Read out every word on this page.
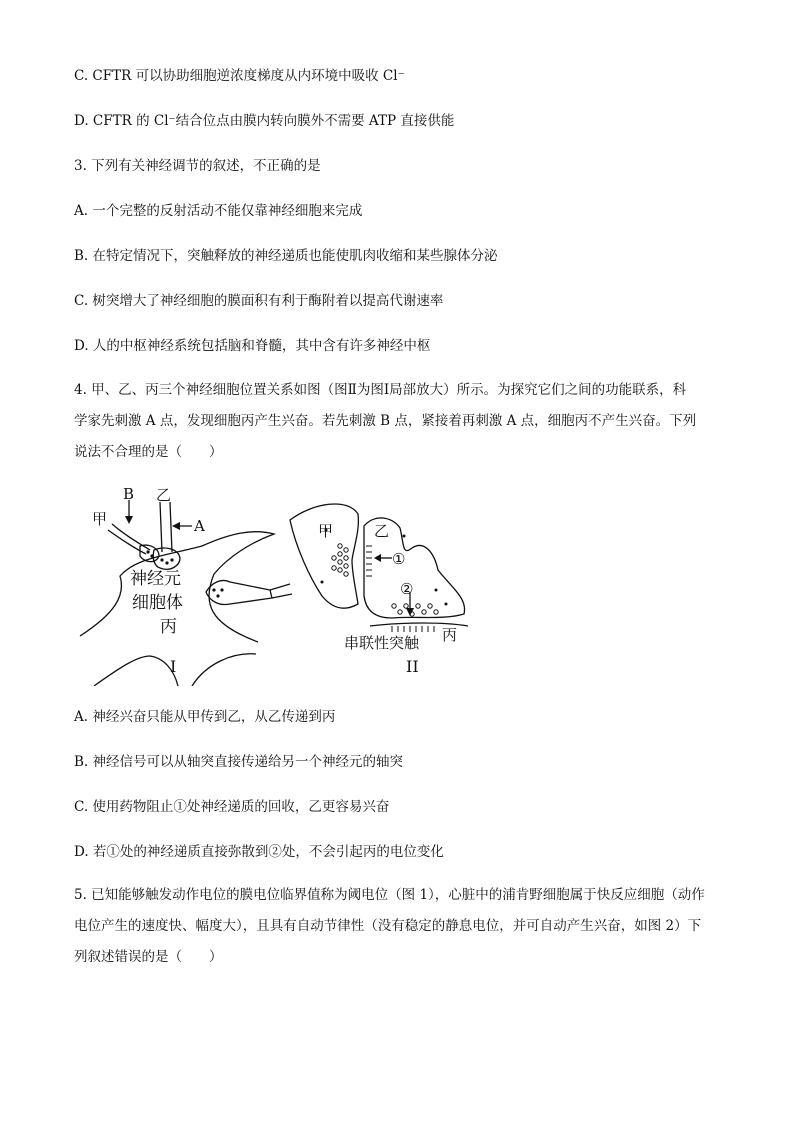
C. CFTR 可以协助细胞逆浓度梯度从内环境中吸收 Cl⁻
D. CFTR 的 Cl⁻结合位点由膜内转向膜外不需要 ATP 直接供能
3. 下列有关神经调节的叙述，不正确的是
A. 一个完整的反射活动不能仅靠神经细胞来完成
B. 在特定情况下，突触释放的神经递质也能使肌肉收缩和某些腺体分泌
C. 树突增大了神经细胞的膜面积有利于酶附着以提高代谢速率
D. 人的中枢神经系统包括脑和脊髓，其中含有许多神经中枢
4. 甲、乙、丙三个神经细胞位置关系如图（图Ⅱ为图Ⅰ局部放大）所示。为探究它们之间的功能联系，科
学家先刺激 A 点，发现细胞丙产生兴奋。若先刺激 B 点，紧接着再刺激 A 点，细胞丙不产生兴奋。下列
说法不合理的是（　　）
B 乙
甲	A
神经元
细胞体
丙
I
甲	乙
①
②
丙
串联性突触
II
A. 神经兴奋只能从甲传到乙，从乙传递到丙
B. 神经信号可以从轴突直接传递给另一个神经元的轴突
C. 使用药物阻止①处神经递质的回收，乙更容易兴奋
D. 若①处的神经递质直接弥散到②处，不会引起丙的电位变化
5. 已知能够触发动作电位的膜电位临界值称为阈电位（图 1），心脏中的浦肯野细胞属于快反应细胞（动作
电位产生的速度快、幅度大），且具有自动节律性（没有稳定的静息电位，并可自动产生兴奋，如图 2）下
列叙述错误的是（　　）
